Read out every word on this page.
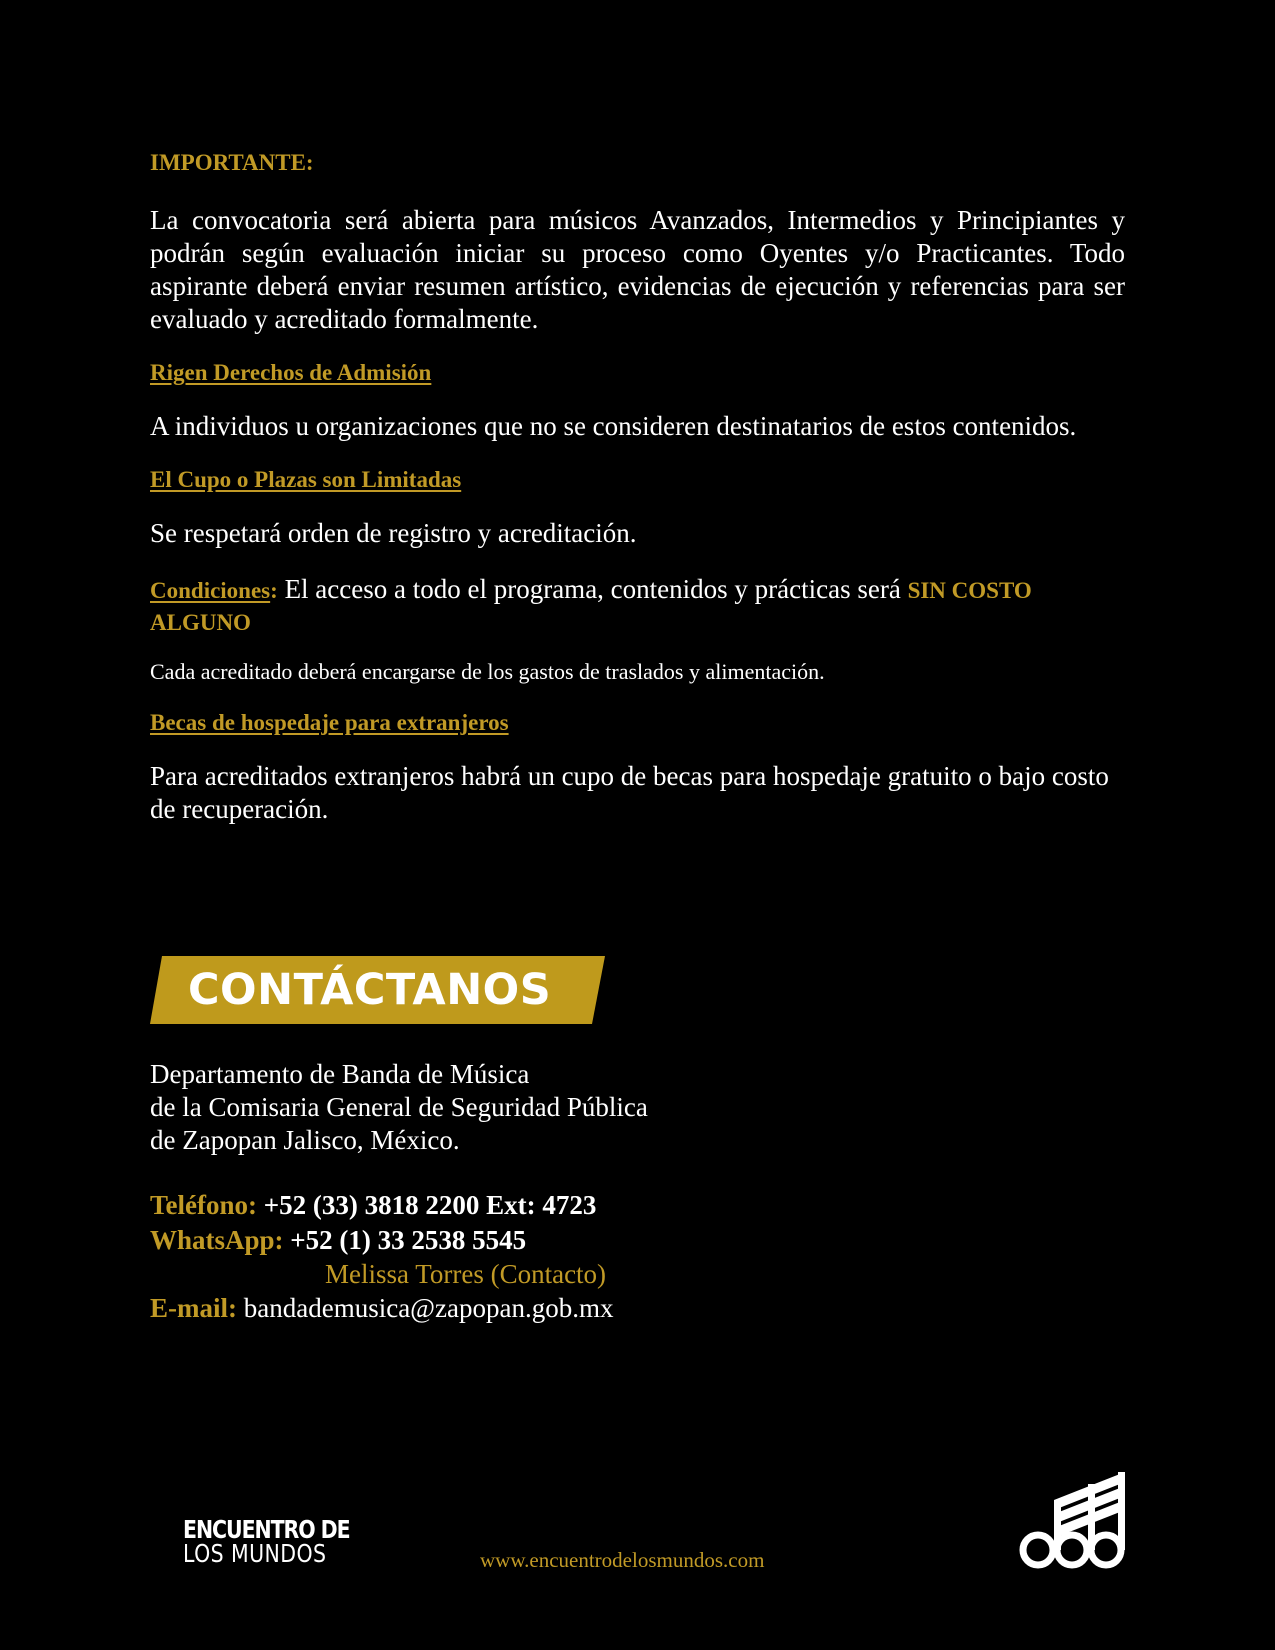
IMPORTANTE:

La convocatoria será abierta para músicos Avanzados, Intermedios y Principiantes y podrán según evaluación iniciar su proceso como Oyentes y/o Practicantes. Todo aspirante deberá enviar resumen artístico, evidencias de ejecución y referencias para ser evaluado y acreditado formalmente.

Rigen Derechos de Admisión

A individuos u organizaciones que no se consideren destinatarios de estos contenidos.

El Cupo o Plazas son Limitadas

Se respetará orden de registro y acreditación.

Condiciones: El acceso a todo el programa, contenidos y prácticas será SIN COSTO ALGUNO

Cada acreditado deberá encargarse de los gastos de traslados y alimentación.

Becas de hospedaje para extranjeros

Para acreditados extranjeros habrá un cupo de becas para hospedaje gratuito o bajo costo de recuperación.

CONTÁCTANOS
Departamento de Banda de Música
de la Comisaria General de Seguridad Pública
de Zapopan Jalisco, México.
Teléfono: +52 (33) 3818 2200 Ext: 4723
WhatsApp: +52 (1) 33 2538 5545
Melissa Torres (Contacto)
E-mail: bandademusica@zapopan.gob.mx
ENCUENTRO DE
LOS MUNDOS	www.encuentrodelosmundos.com
